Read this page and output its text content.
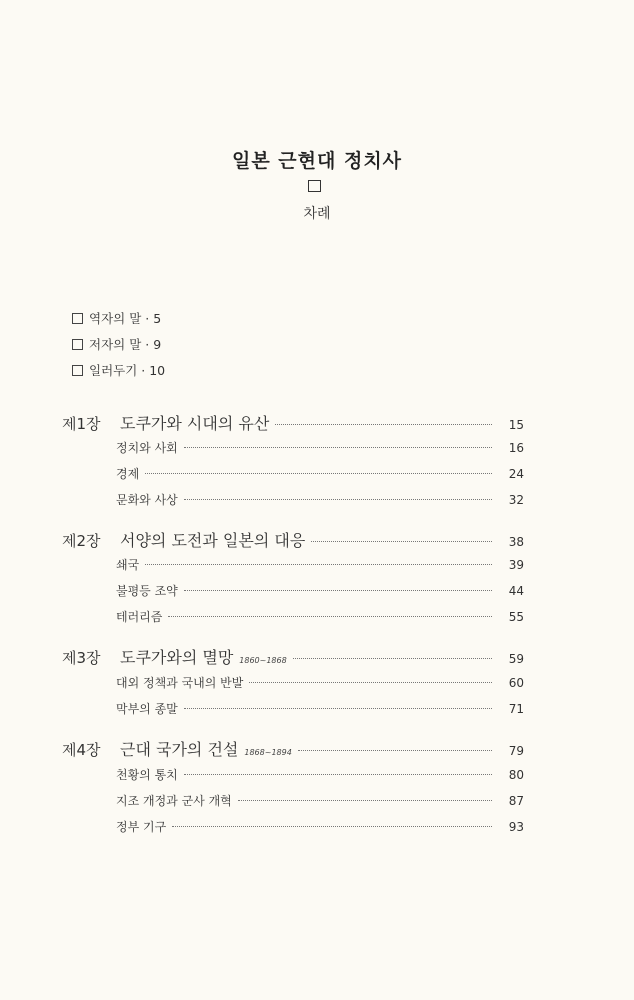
일본 근현대 정치사
차례
역자의 말 · 5
저자의 말 · 9
일러두기 · 10
제1장	도쿠가와 시대의 유산	15
정치와 사회	16
경제	24
문화와 사상	32
제2장	서양의 도전과 일본의 대응	38
쇄국	39
불평등 조약	44
테러리즘	55
제3장	도쿠가와의 멸망 1860~1868	59
대외 정책과 국내의 반발	60
막부의 종말	71
제4장	근대 국가의 건설 1868~1894	79
천황의 통치	80
지조 개정과 군사 개혁	87
정부 기구	93
